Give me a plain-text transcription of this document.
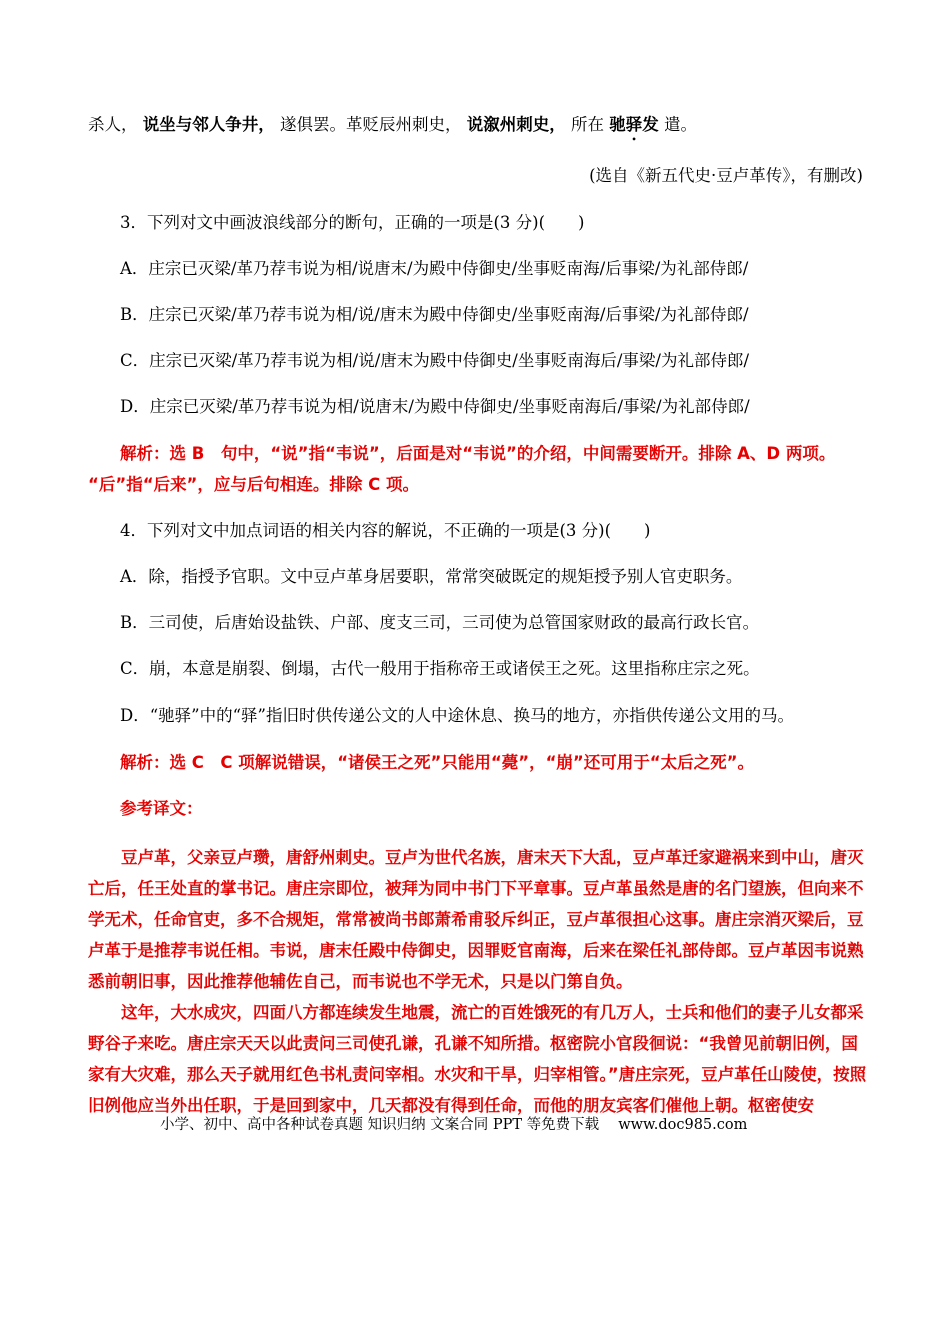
杀人， 说坐与邻人争井， 遂俱罢。革贬辰州刺史， 说溆州刺史， 所在 驰驿发 遣。
(选自《新五代史·豆卢革传》，有删改)
3．下列对文中画波浪线部分的断句，正确的一项是(3 分)(　　)
A．庄宗已灭梁/革乃荐韦说为相/说唐末/为殿中侍御史/坐事贬南海/后事梁/为礼部侍郎/
B．庄宗已灭梁/革乃荐韦说为相/说/唐末为殿中侍御史/坐事贬南海/后事梁/为礼部侍郎/
C．庄宗已灭梁/革乃荐韦说为相/说/唐末为殿中侍御史/坐事贬南海后/事梁/为礼部侍郎/
D．庄宗已灭梁/革乃荐韦说为相/说唐末/为殿中侍御史/坐事贬南海后/事梁/为礼部侍郎/
解析：选 B　句中，“说”指“韦说”，后面是对“韦说”的介绍，中间需要断开。排除 A、D 两项。
“后”指“后来”，应与后句相连。排除 C 项。
4．下列对文中加点词语的相关内容的解说，不正确的一项是(3 分)(　　)
A．除，指授予官职。文中豆卢革身居要职，常常突破既定的规矩授予别人官吏职务。
B．三司使，后唐始设盐铁、户部、度支三司，三司使为总管国家财政的最高行政长官。
C．崩，本意是崩裂、倒塌，古代一般用于指称帝王或诸侯王之死。这里指称庄宗之死。
D．“驰驿”中的“驿”指旧时供传递公文的人中途休息、换马的地方，亦指供传递公文用的马。
解析：选 C　C 项解说错误，“诸侯王之死”只能用“薨”，“崩”还可用于“太后之死”。
参考译文：
豆卢革，父亲豆卢瓒，唐舒州刺史。豆卢为世代名族，唐末天下大乱，豆卢革迁家避祸来到中山，唐灭亡后，任王处直的掌书记。唐庄宗即位，被拜为同中书门下平章事。豆卢革虽然是唐的名门望族，但向来不学无术，任命官吏，多不合规矩，常常被尚书郎萧希甫驳斥纠正，豆卢革很担心这事。唐庄宗消灭梁后，豆卢革于是推荐韦说任相。韦说，唐末任殿中侍御史，因罪贬官南海，后来在梁任礼部侍郎。豆卢革因韦说熟悉前朝旧事，因此推荐他辅佐自己，而韦说也不学无术，只是以门第自负。
这年，大水成灾，四面八方都连续发生地震，流亡的百姓饿死的有几万人，士兵和他们的妻子儿女都采野谷子来吃。唐庄宗天天以此责问三司使孔谦，孔谦不知所措。枢密院小官段徊说：“我曾见前朝旧例，国家有大灾难，那么天子就用红色书札责问宰相。水灾和干旱，归宰相管。”唐庄宗死，豆卢革任山陵使，按照旧例他应当外出任职，于是回到家中，几天都没有得到任命，而他的朋友宾客们催他上朝。枢密使安
小学、初中、高中各种试卷真题 知识归纳 文案合同 PPT 等免费下载　 www.doc985.com
